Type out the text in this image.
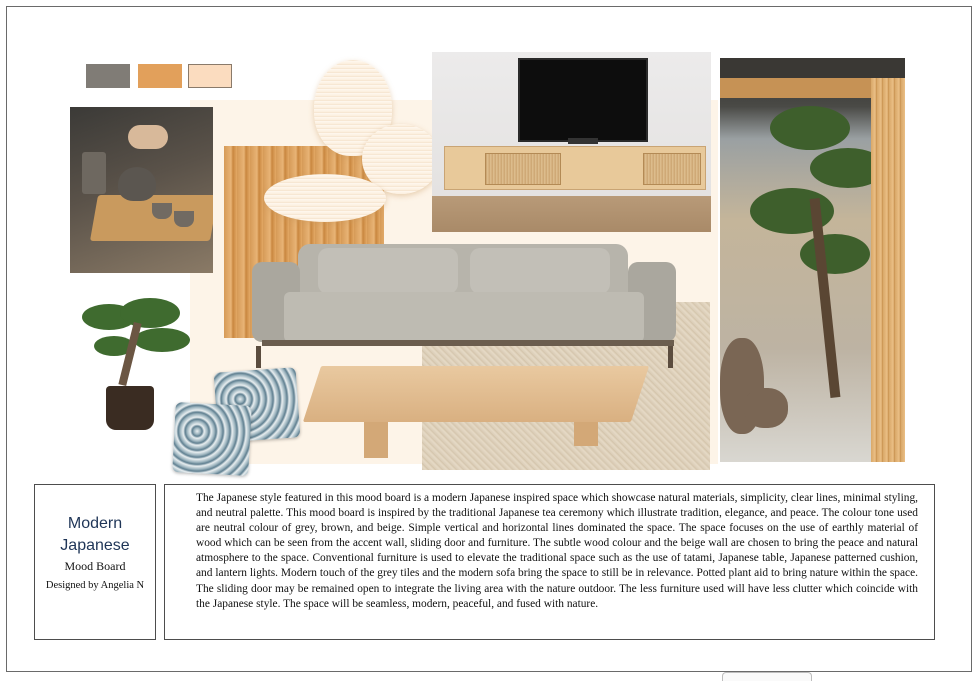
Modern
Japanese
Mood Board
Designed by Angelia N

The Japanese style featured in this mood board is a modern Japanese inspired space which showcase natural materials, simplicity, clear lines, minimal styling, and neutral palette. This mood board is inspired by the traditional Japanese tea ceremony which illustrate tradition, elegance, and peace. The colour tone used are neutral colour of grey, brown, and beige. Simple vertical and horizontal lines dominated the space. The space focuses on the use of earthly material of wood which can be seen from the accent wall, sliding door and furniture. The subtle wood colour and the beige wall are chosen to bring the peace and natural atmosphere to the space. Conventional furniture is used to elevate the traditional space such as the use of tatami, Japanese table, Japanese patterned cushion, and lantern lights. Modern touch of the grey tiles and the modern sofa bring the space to still be in relevance. Potted plant aid to bring nature within the space. The sliding door may be remained open to integrate the living area with the nature outdoor. The less furniture used will have less clutter which coincide with the Japanese style. The space will be seamless, modern, peaceful, and fused with nature.
